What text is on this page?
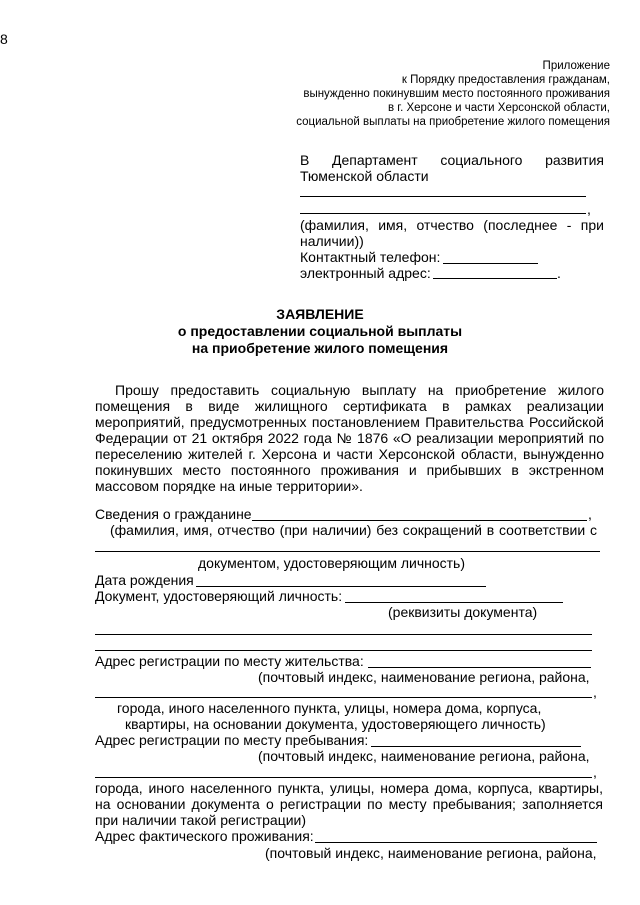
8
Приложение
к Порядку предоставления гражданам,
вынужденно покинувшим место постоянного проживания
в г. Херсоне и части Херсонской области,
социальной выплаты на приобретение жилого помещения
В Департамент социального развития
Тюменской области
,
(фамилия, имя, отчество (последнее - при
наличии))
Контактный телефон:
электронный адрес:	.
ЗАЯВЛЕНИЕ
о предоставлении социальной выплаты
на приобретение жилого помещения
Прошу предоставить социальную выплату на приобретение жилого
помещения в виде жилищного сертификата в рамках реализации
мероприятий, предусмотренных постановлением Правительства Российской
Федерации от 21 октября 2022 года № 1876 «О реализации мероприятий по
переселению жителей г. Херсона и части Херсонской области, вынужденно
покинувших место постоянного проживания и прибывших в экстренном
массовом порядке на иные территории».
Сведения о гражданине	,
(фамилия, имя, отчество (при наличии) без сокращений в соответствии с
документом, удостоверяющим личность)
Дата рождения
Документ, удостоверяющий личность:
(реквизиты документа)
Адрес регистрации по месту жительства:
(почтовый индекс, наименование региона, района,
,
города, иного населенного пункта, улицы, номера дома, корпуса,
квартиры, на основании документа, удостоверяющего личность)
Адрес регистрации по месту пребывания:
(почтовый индекс, наименование региона, района,
,
города, иного населенного пункта, улицы, номера дома, корпуса, квартиры,
на основании документа о регистрации по месту пребывания; заполняется
при наличии такой регистрации)
Адрес фактического проживания:
(почтовый индекс, наименование региона, района,
